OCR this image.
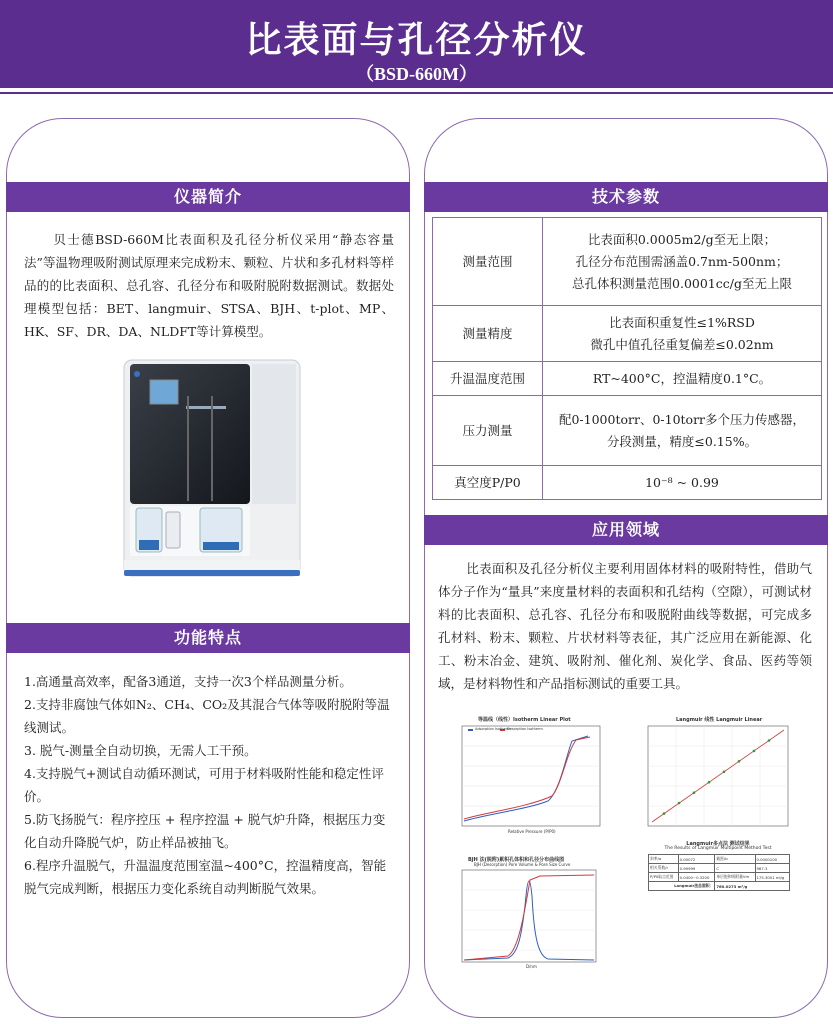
比表面与孔径分析仪
（BSD-660M）
仪器简介
贝士德BSD-660M比表面积及孔径分析仪采用“静态容量法”等温物理吸附测试原理来完成粉末、颗粒、片状和多孔材料等样品的的比表面积、总孔容、孔径分布和吸附脱附数据测试。数据处理模型包括：BET、langmuir、STSA、BJH、t-plot、MP、HK、SF、DR、DA、NLDFT等计算模型。
功能特点
1.高通量高效率，配备3通道，支持一次3个样品测量分析。
2.支持非腐蚀气体如N₂、CH₄、CO₂及其混合气体等吸附脱附等温线测试。
3. 脱气-测量全自动切换，无需人工干预。
4.支持脱气+测试自动循环测试，可用于材料吸附性能和稳定性评价。
5.防飞扬脱气：程序控压 + 程序控温 + 脱气炉升降，根据压力变化自动升降脱气炉，防止样品被抽飞。
6.程序升温脱气，升温温度范围室温~400°C，控温精度高，智能脱气完成判断，根据压力变化系统自动判断脱气效果。
技术参数
测量范围	比表面积0.0005m2/g至无上限；
孔径分布范围需涵盖0.7nm-500nm；
总孔体积测量范围0.0001cc/g至无上限

测量精度	比表面积重复性≤1%RSD
微孔中值孔径重复偏差≤0.02nm

升温温度范围	RT~400°C，控温精度0.1°C。

压力测量	配0-1000torr、0-10torr多个压力传感器，
分段测量，精度≤0.15%。

真空度P/P0	10⁻⁸ ~ 0.99
应用领域
比表面积及孔径分析仪主要利用固体材料的吸附特性，借助气体分子作为“量具”来度量材料的表面积和孔结构（空隙），可测试材料的比表面积、总孔容、孔径分布和吸脱附曲线等数据，可完成多孔材料、粉末、颗粒、片状材料等表征，其广泛应用在新能源、化工、粉末冶金、建筑、吸附剂、催化剂、炭化学、食品、医药等领域，是材料物性和产品指标测试的重要工具。
等温线（线性）Isotherm Linear Plot
Adsorption Isotherm
Desorption Isotherm
Relative Pressure (P/P0)
Langmuir 线性 Langmuir Linear
BJH 法(脱附)累积孔体积和孔径分布曲线图
BJH (Desorption) Pore Volume & Pore Size Curve
D/nm
Langmuir多点法 测试结果
The Results of Langmuir Multipoint Method Test
斜率/a	0.00072	截距/b	0.0000100
相关系数/r	0.99999	C	987.3
P/P0取点范围	0.0400~0.3200	单层饱和吸附量Vm	175.3001 ml/g
Langmuir法总面积：		760.0273 m²/g	
